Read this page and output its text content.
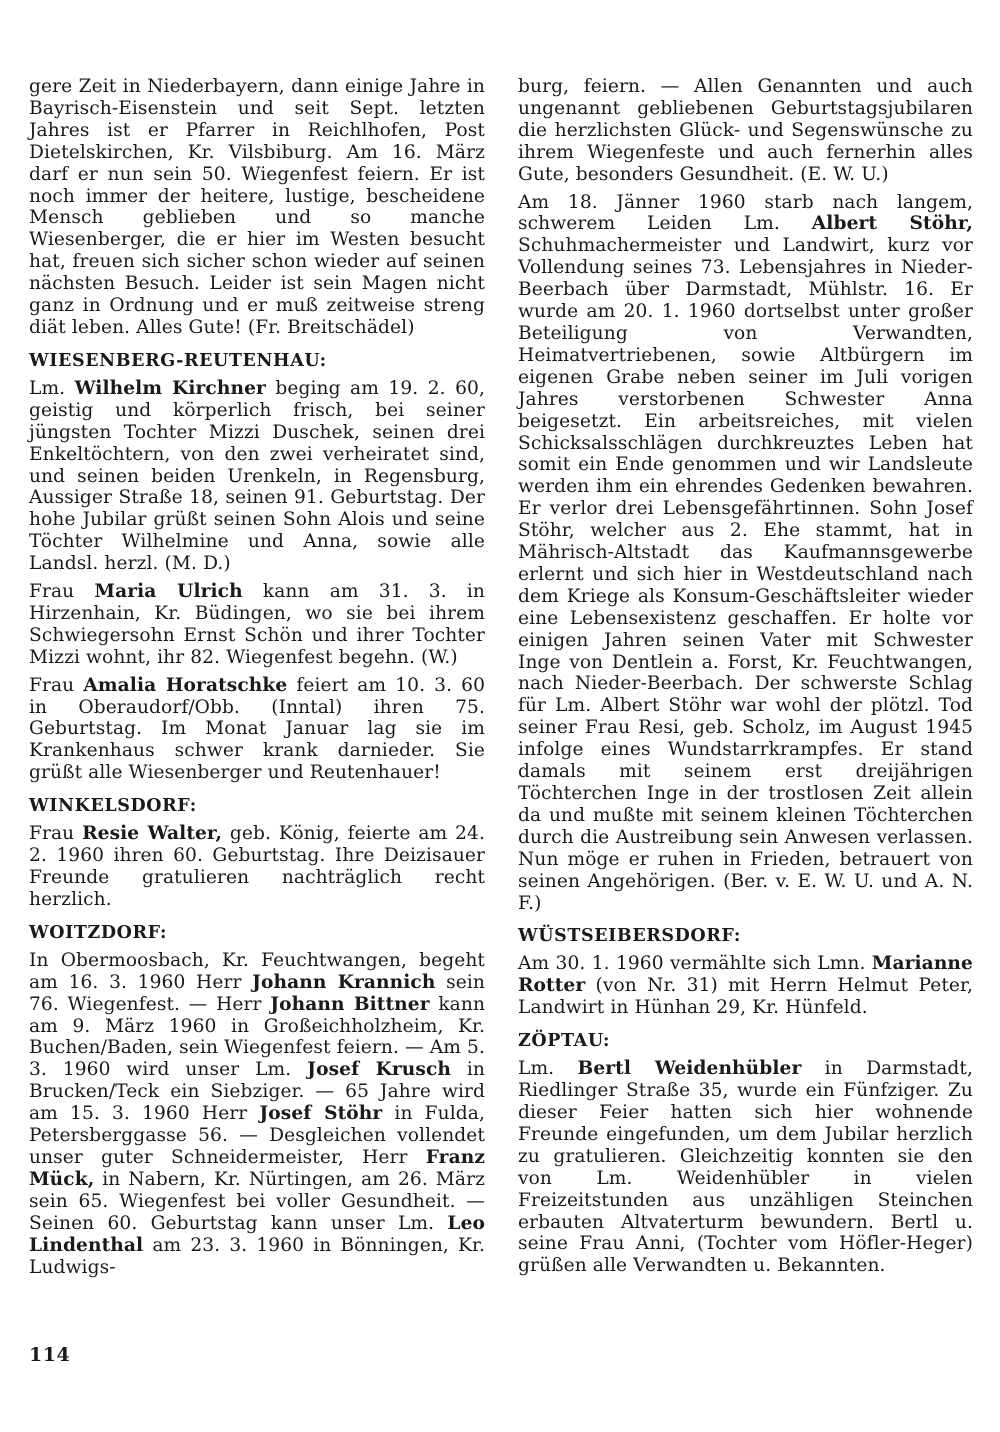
gere Zeit in Niederbayern, dann einige Jahre in Bayrisch-Eisenstein und seit Sept. letzten Jahres ist er Pfarrer in Reichlhofen, Post Dietelskirchen, Kr. Vilsbiburg. Am 16. März darf er nun sein 50. Wiegenfest feiern. Er ist noch immer der heitere, lustige, bescheidene Mensch geblieben und so manche Wiesenberger, die er hier im Westen besucht hat, freuen sich sicher schon wieder auf seinen nächsten Besuch. Leider ist sein Magen nicht ganz in Ordnung und er muß zeitweise streng diät leben. Alles Gute! (Fr. Breitschädel)

WIESENBERG-REUTENHAU:

Lm. Wilhelm Kirchner beging am 19. 2. 60, geistig und körperlich frisch, bei seiner jüngsten Tochter Mizzi Duschek, seinen drei Enkeltöchtern, von den zwei verheiratet sind, und seinen beiden Urenkeln, in Regensburg, Aussiger Straße 18, seinen 91. Geburtstag. Der hohe Jubilar grüßt seinen Sohn Alois und seine Töchter Wilhelmine und Anna, sowie alle Landsl. herzl. (M. D.)

Frau Maria Ulrich kann am 31. 3. in Hirzenhain, Kr. Büdingen, wo sie bei ihrem Schwiegersohn Ernst Schön und ihrer Tochter Mizzi wohnt, ihr 82. Wiegenfest begehn. (W.)

Frau Amalia Horatschke feiert am 10. 3. 60 in Oberaudorf/Obb. (Inntal) ihren 75. Geburtstag. Im Monat Januar lag sie im Krankenhaus schwer krank darnieder. Sie grüßt alle Wiesenberger und Reutenhauer!

WINKELSDORF:

Frau Resie Walter, geb. König, feierte am 24. 2. 1960 ihren 60. Geburtstag. Ihre Deizisauer Freunde gratulieren nachträglich recht herzlich.

WOITZDORF:

In Obermoosbach, Kr. Feuchtwangen, begeht am 16. 3. 1960 Herr Johann Krannich sein 76. Wiegenfest. — Herr Johann Bittner kann am 9. März 1960 in Großeichholzheim, Kr. Buchen/Baden, sein Wiegenfest feiern. — Am 5. 3. 1960 wird unser Lm. Josef Krusch in Brucken/Teck ein Siebziger. — 65 Jahre wird am 15. 3. 1960 Herr Josef Stöhr in Fulda, Petersberggasse 56. — Desgleichen vollendet unser guter Schneidermeister, Herr Franz Mück, in Nabern, Kr. Nürtingen, am 26. März sein 65. Wiegenfest bei voller Gesundheit. — Seinen 60. Geburtstag kann unser Lm. Leo Lindenthal am 23. 3. 1960 in Bönningen, Kr. Ludwigs-

burg, feiern. — Allen Genannten und auch ungenannt gebliebenen Geburtstagsjubilaren die herzlichsten Glück- und Segenswünsche zu ihrem Wiegenfeste und auch fernerhin alles Gute, besonders Gesundheit. (E. W. U.)

Am 18. Jänner 1960 starb nach langem, schwerem Leiden Lm. Albert Stöhr, Schuhmachermeister und Landwirt, kurz vor Vollendung seines 73. Lebensjahres in Nieder-Beerbach über Darmstadt, Mühlstr. 16. Er wurde am 20. 1. 1960 dortselbst unter großer Beteiligung von Verwandten, Heimatvertriebenen, sowie Altbürgern im eigenen Grabe neben seiner im Juli vorigen Jahres verstorbenen Schwester Anna beigesetzt. Ein arbeitsreiches, mit vielen Schicksalsschlägen durchkreuztes Leben hat somit ein Ende genommen und wir Landsleute werden ihm ein ehrendes Gedenken bewahren. Er verlor drei Lebensgefährtinnen. Sohn Josef Stöhr, welcher aus 2. Ehe stammt, hat in Mährisch-Altstadt das Kaufmannsgewerbe erlernt und sich hier in Westdeutschland nach dem Kriege als Konsum-Geschäftsleiter wieder eine Lebensexistenz geschaffen. Er holte vor einigen Jahren seinen Vater mit Schwester Inge von Dentlein a. Forst, Kr. Feuchtwangen, nach Nieder-Beerbach. Der schwerste Schlag für Lm. Albert Stöhr war wohl der plötzl. Tod seiner Frau Resi, geb. Scholz, im August 1945 infolge eines Wundstarrkrampfes. Er stand damals mit seinem erst dreijährigen Töchterchen Inge in der trostlosen Zeit allein da und mußte mit seinem kleinen Töchterchen durch die Austreibung sein Anwesen verlassen. Nun möge er ruhen in Frieden, betrauert von seinen Angehörigen. (Ber. v. E. W. U. und A. N. F.)

WÜSTSEIBERSDORF:

Am 30. 1. 1960 vermählte sich Lmn. Marianne Rotter (von Nr. 31) mit Herrn Helmut Peter, Landwirt in Hünhan 29, Kr. Hünfeld.

ZÖPTAU:

Lm. Bertl Weidenhübler in Darmstadt, Riedlinger Straße 35, wurde ein Fünfziger. Zu dieser Feier hatten sich hier wohnende Freunde eingefunden, um dem Jubilar herzlich zu gratulieren. Gleichzeitig konnten sie den von Lm. Weidenhübler in vielen Freizeitstunden aus unzähligen Steinchen erbauten Altvaterturm bewundern. Bertl u. seine Frau Anni, (Tochter vom Höfler-Heger) grüßen alle Verwandten u. Bekannten.

114
